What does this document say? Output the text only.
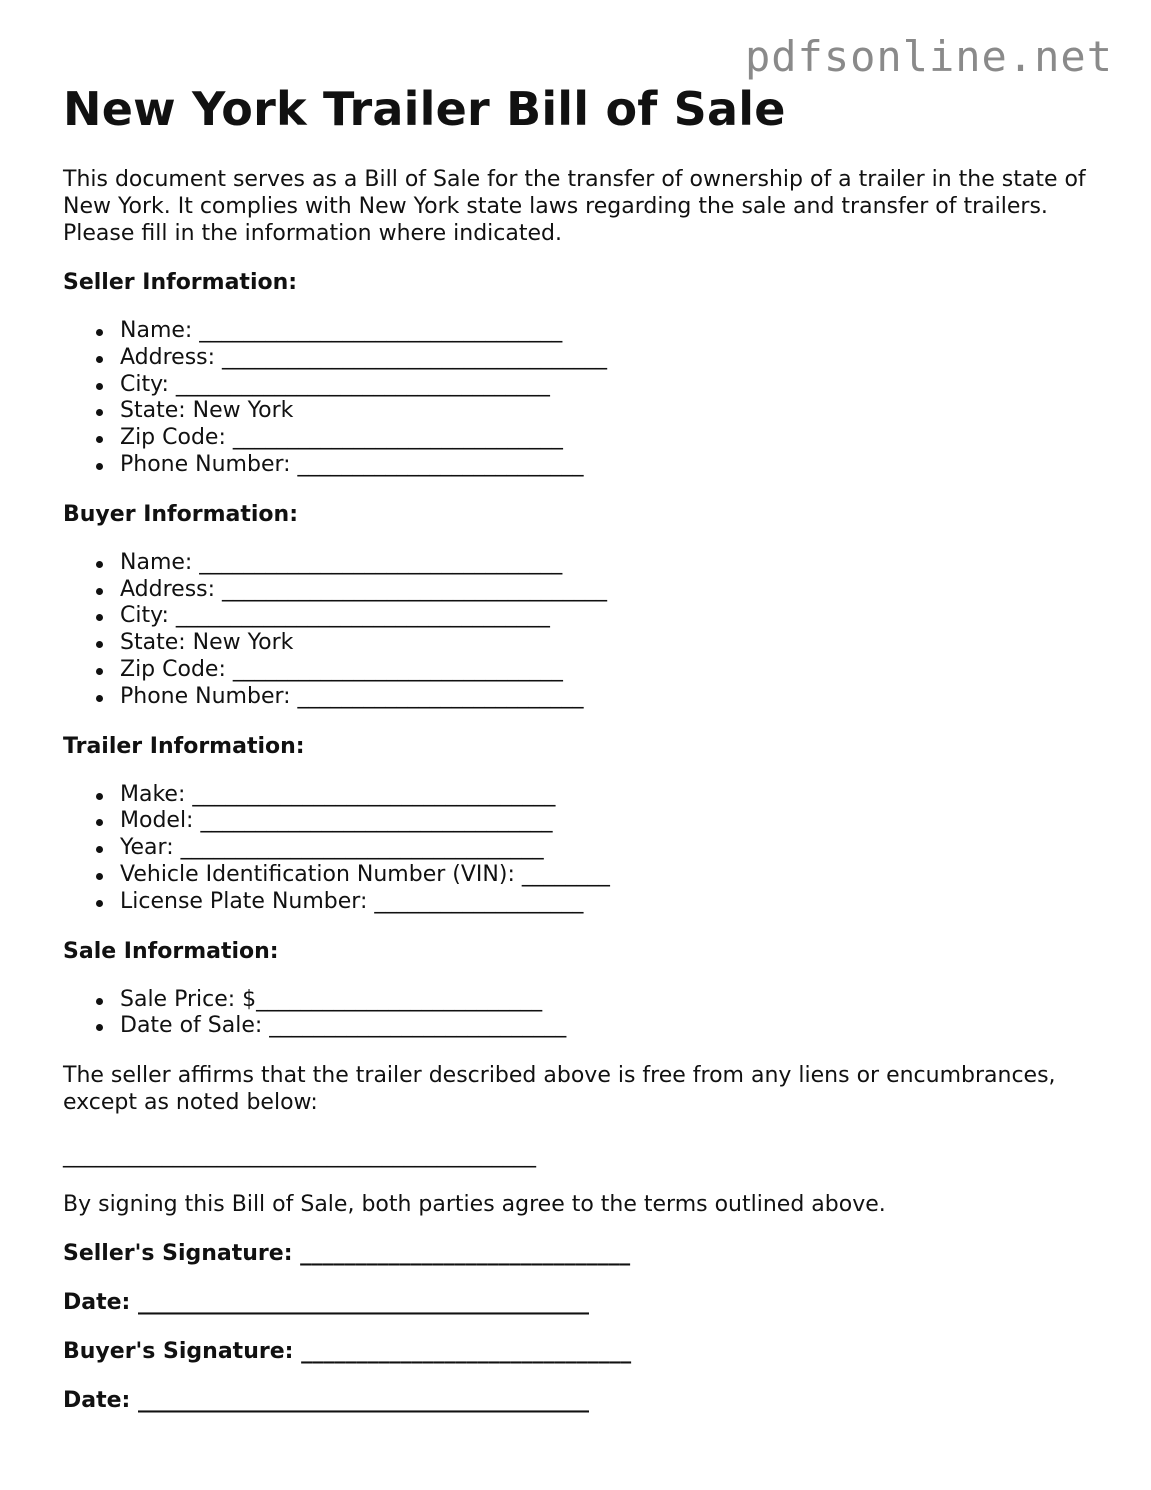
pdfsonline.net
New York Trailer Bill of Sale

This document serves as a Bill of Sale for the transfer of ownership of a trailer in the state of New York. It complies with New York state laws regarding the sale and transfer of trailers. Please fill in the information where indicated.

Seller Information:
Name: _________________________________
Address: ___________________________________
City: __________________________________
State: New York
Zip Code: ______________________________
Phone Number: __________________________
Buyer Information:
Name: _________________________________
Address: ___________________________________
City: __________________________________
State: New York
Zip Code: ______________________________
Phone Number: __________________________
Trailer Information:
Make: _________________________________
Model: ________________________________
Year: _________________________________
Vehicle Identification Number (VIN): ________
License Plate Number: ___________________
Sale Information:
Sale Price: $__________________________
Date of Sale: ___________________________

The seller affirms that the trailer described above is free from any liens or encumbrances, except as noted below:

___________________________________________

By signing this Bill of Sale, both parties agree to the terms outlined above.

Seller's Signature: ______________________________
Date: _________________________________________
Buyer's Signature: ______________________________
Date: _________________________________________
